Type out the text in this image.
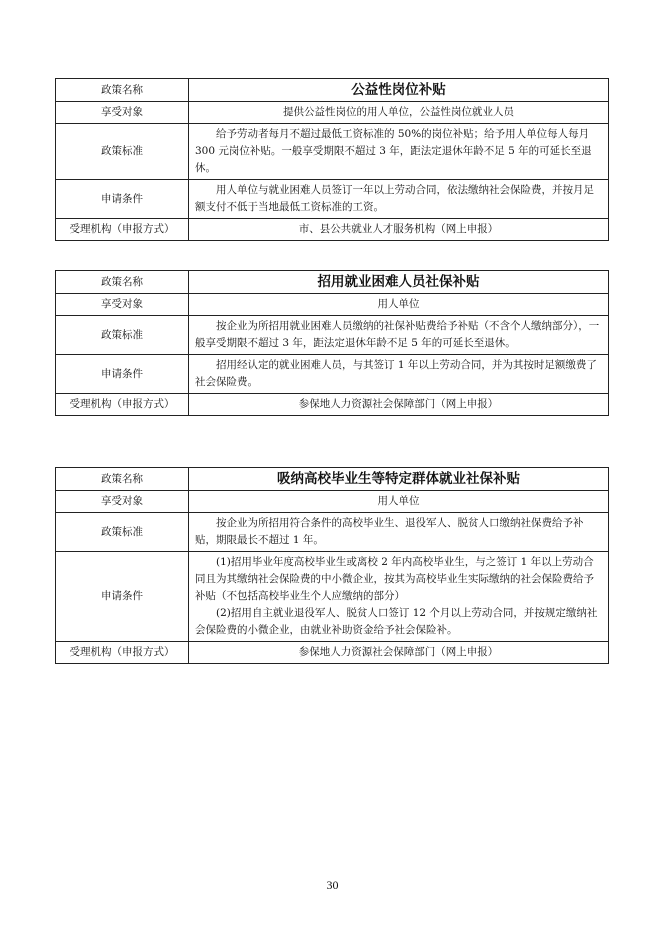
政策名称	公益性岗位补贴
享受对象	提供公益性岗位的用人单位，公益性岗位就业人员
政策标准	给予劳动者每月不超过最低工资标准的 50%的岗位补贴；给予用人单位每人每月 300 元岗位补贴。一般享受期限不超过 3 年，距法定退休年龄不足 5 年的可延长至退休。

申请条件	用人单位与就业困难人员签订一年以上劳动合同，依法缴纳社会保险费，并按月足额支付不低于当地最低工资标准的工资。

受理机构（申报方式）	市、县公共就业人才服务机构（网上申报）
政策名称	招用就业困难人员社保补贴
享受对象	用人单位
政策标准	按企业为所招用就业困难人员缴纳的社保补贴费给予补贴（不含个人缴纳部分），一般享受期限不超过 3 年，距法定退休年龄不足 5 年的可延长至退休。

申请条件	招用经认定的就业困难人员，与其签订 1 年以上劳动合同，并为其按时足额缴费了社会保险费。

受理机构（申报方式）	参保地人力资源社会保障部门（网上申报）
政策名称	吸纳高校毕业生等特定群体就业社保补贴
享受对象	用人单位
政策标准	按企业为所招用符合条件的高校毕业生、退役军人、脱贫人口缴纳社保费给予补贴，期限最长不超过 1 年。

申请条件	(1)招用毕业年度高校毕业生或离校 2 年内高校毕业生，与之签订 1 年以上劳动合同且为其缴纳社会保险费的中小微企业，按其为高校毕业生实际缴纳的社会保险费给予补贴（不包括高校毕业生个人应缴纳的部分）

(2)招用自主就业退役军人、脱贫人口签订 12 个月以上劳动合同，并按规定缴纳社会保险费的小微企业，由就业补助资金给予社会保险补。

受理机构（申报方式）	参保地人力资源社会保障部门（网上申报）
30
